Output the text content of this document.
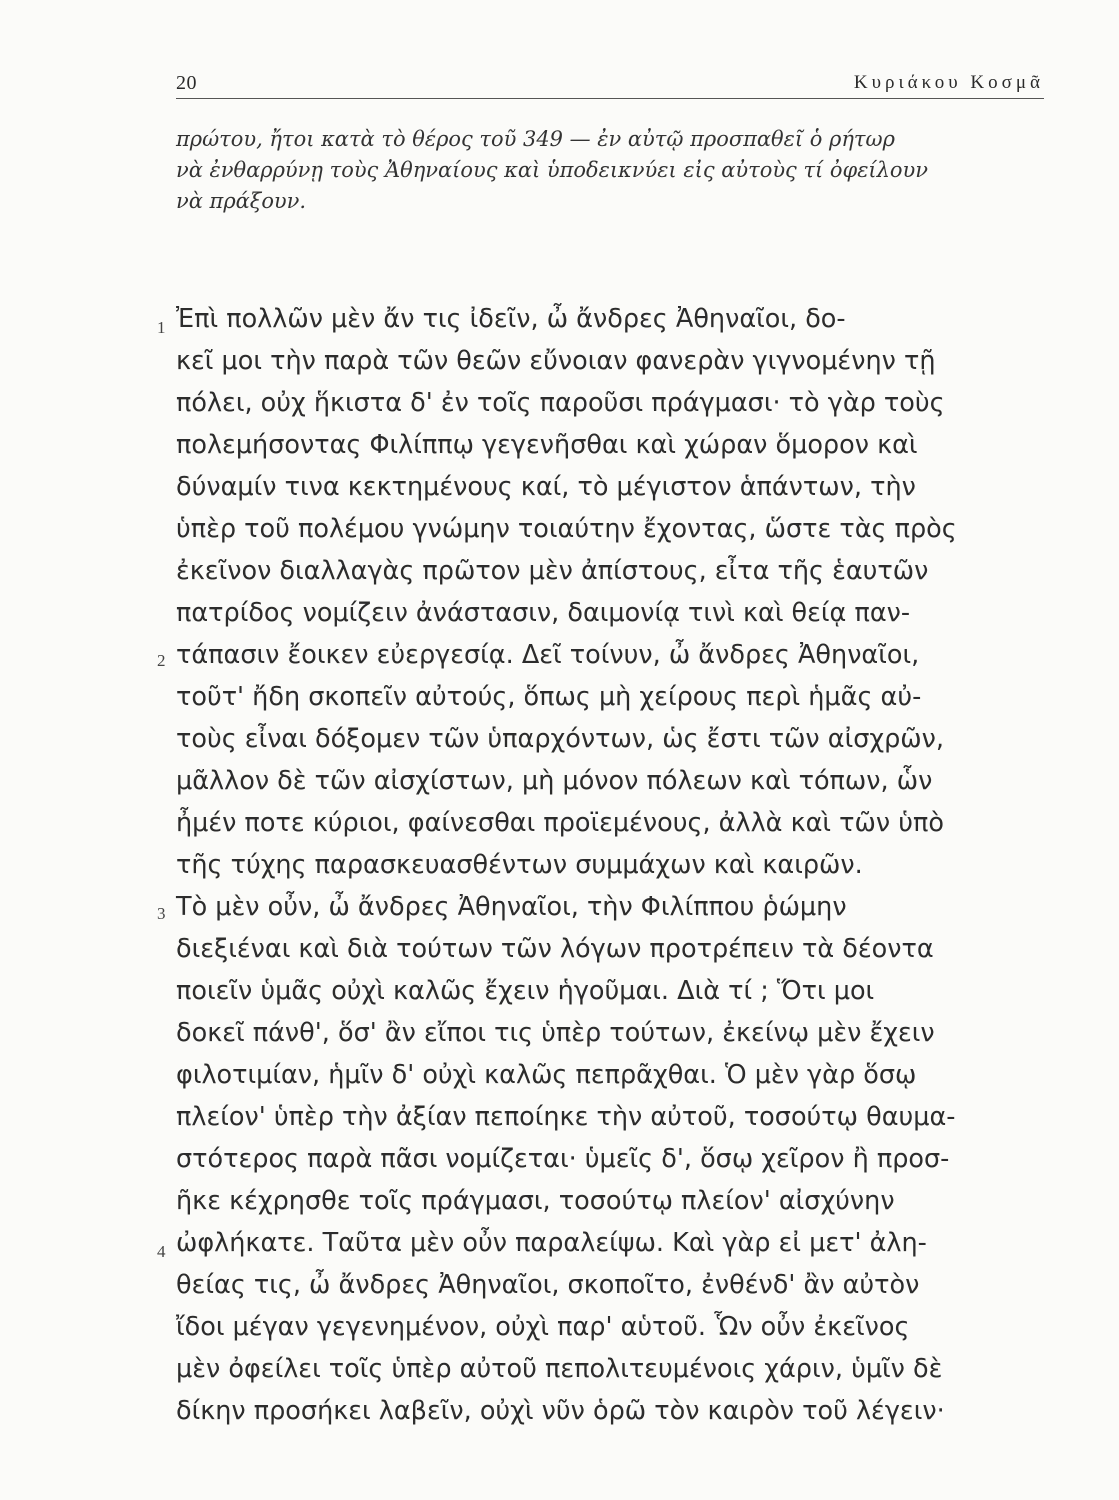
20	Κυριάκου Κοσμᾶ
πρώτου, ἤτοι κατὰ τὸ θέρος τοῦ 349 — ἐν αὐτῷ προσπαθεῖ ὁ ρήτωρ
νὰ ἐνθαρρύνῃ τοὺς Ἀθηναίους καὶ ὑποδεικνύει εἰς αὐτοὺς τί ὀφείλουν
νὰ πράξουν.
1
2
3
4
Ἐπὶ πολλῶν μὲν ἄν τις ἰδεῖν, ὦ ἄνδρες Ἀθηναῖοι, δο-
κεῖ μοι τὴν παρὰ τῶν θεῶν εὔνοιαν φανερὰν γιγνομένην τῇ
πόλει, οὐχ ἥκιστα δ' ἐν τοῖς παροῦσι πράγμασι· τὸ γὰρ τοὺς
πολεμήσοντας Φιλίππῳ γεγενῆσθαι καὶ χώραν ὅμορον καὶ
δύναμίν τινα κεκτημένους καί, τὸ μέγιστον ἁπάντων, τὴν
ὑπὲρ τοῦ πολέμου γνώμην τοιαύτην ἔχοντας, ὥστε τὰς πρὸς
ἐκεῖνον διαλλαγὰς πρῶτον μὲν ἀπίστους, εἶτα τῆς ἑαυτῶν
πατρίδος νομίζειν ἀνάστασιν, δαιμονίᾳ τινὶ καὶ θείᾳ παν-
τάπασιν ἔοικεν εὐεργεσίᾳ. Δεῖ τοίνυν, ὦ ἄνδρες Ἀθηναῖοι,
τοῦτ' ἤδη σκοπεῖν αὐτούς, ὅπως μὴ χείρους περὶ ἡμᾶς αὐ-
τοὺς εἶναι δόξομεν τῶν ὑπαρχόντων, ὡς ἔστι τῶν αἰσχρῶν,
μᾶλλον δὲ τῶν αἰσχίστων, μὴ μόνον πόλεων καὶ τόπων, ὧν
ἦμέν ποτε κύριοι, φαίνεσθαι προϊεμένους, ἀλλὰ καὶ τῶν ὑπὸ
τῆς τύχης παρασκευασθέντων συμμάχων καὶ καιρῶν.
Τὸ μὲν οὖν, ὦ ἄνδρες Ἀθηναῖοι, τὴν Φιλίππου ῥώμην
διεξιέναι καὶ διὰ τούτων τῶν λόγων προτρέπειν τὰ δέοντα
ποιεῖν ὑμᾶς οὐχὶ καλῶς ἔχειν ἡγοῦμαι. Διὰ τί ; Ὅτι μοι
δοκεῖ πάνθ', ὅσ' ἂν εἴποι τις ὑπὲρ τούτων, ἐκείνῳ μὲν ἔχειν
φιλοτιμίαν, ἡμῖν δ' οὐχὶ καλῶς πεπρᾶχθαι. Ὁ μὲν γὰρ ὅσῳ
πλείον' ὑπὲρ τὴν ἀξίαν πεποίηκε τὴν αὐτοῦ, τοσούτῳ θαυμα-
στότερος παρὰ πᾶσι νομίζεται· ὑμεῖς δ', ὅσῳ χεῖρον ἢ προσ-
ῆκε κέχρησθε τοῖς πράγμασι, τοσούτῳ πλείον' αἰσχύνην
ὠφλήκατε. Ταῦτα μὲν οὖν παραλείψω. Καὶ γὰρ εἰ μετ' ἀλη-
θείας τις, ὦ ἄνδρες Ἀθηναῖοι, σκοποῖτο, ἐνθένδ' ἂν αὐτὸν
ἴδοι μέγαν γεγενημένον, οὐχὶ παρ' αὑτοῦ. Ὧν οὖν ἐκεῖνος
μὲν ὀφείλει τοῖς ὑπὲρ αὐτοῦ πεπολιτευμένοις χάριν, ὑμῖν δὲ
δίκην προσήκει λαβεῖν, οὐχὶ νῦν ὁρῶ τὸν καιρὸν τοῦ λέγειν·
